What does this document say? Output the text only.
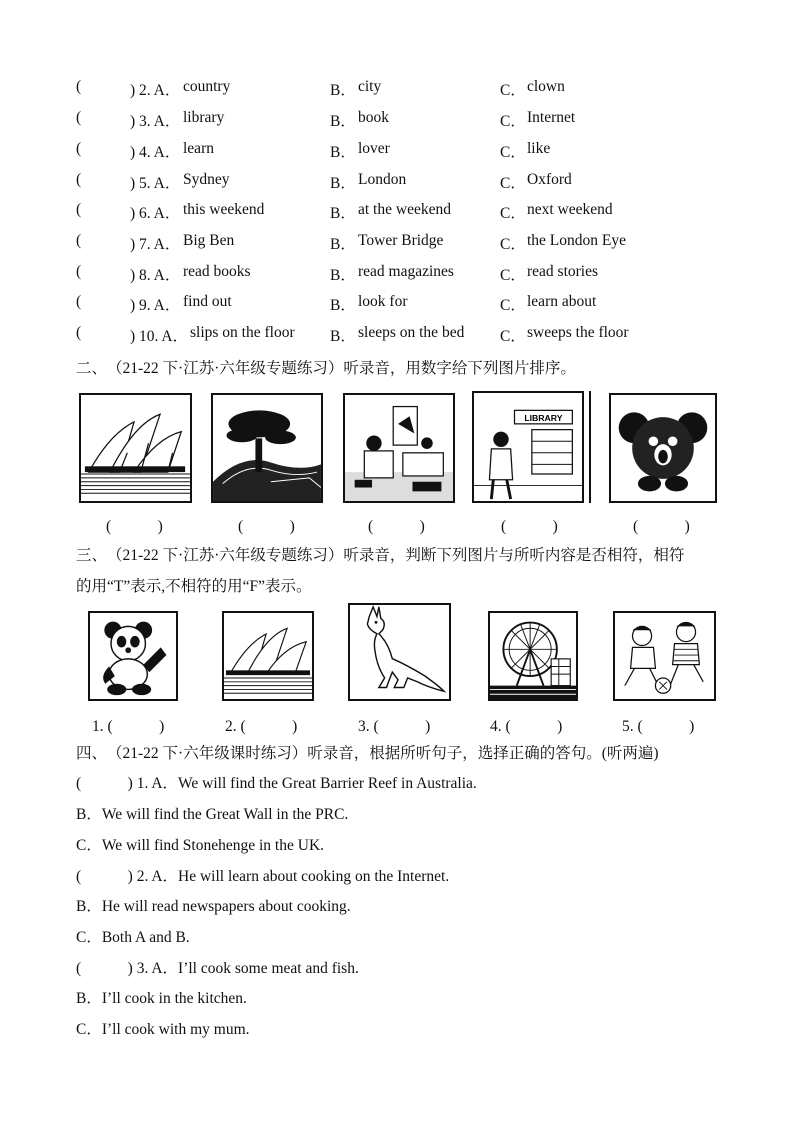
(	) 2. A． country	B． city	C． clown
(	) 3. A． library	B． book	C． Internet
(	) 4. A． learn	B． lover	C． like
(	) 5. A． Sydney	B． London	C． Oxford
(	) 6. A． this weekend	B． at the weekend	C． next weekend
(	) 7. A． Big Ben	B． Tower Bridge	C． the London Eye
(	) 8. A． read books	B． read magazines	C． read stories
(	) 9. A． find out	B． look for	C． learn about
(	) 10. A． slips on the floor B． sleeps on the bed C． sweeps the floor
二、　（21-22 下·江苏·六年级专题练习）听录音，用数字给下列图片排序。
LIBRARY
(　　　)	(　　　)	(　　　)	(　　　)	(　　　)
三、　（21-22 下·江苏·六年级专题练习）听录音，判断下列图片与所听内容是否相符，相符
的用“T”表示,不相符的用“F”表示。
1. (　　　)	2. (　　　)	3. (　　　)	4. (　　　)	5. (　　　)
四、　（21-22 下·六年级课时练习）听录音，根据所听句子，选择正确的答句。(听两遍)
(　　　) 1. A．We will find the Great Barrier Reef in Australia.
B．We will find the Great Wall in the PRC.
C．We will find Stonehenge in the UK.
(　　　) 2. A．He will learn about cooking on the Internet.
B．He will read newspapers about cooking.
C．Both A and B.
(　　　) 3. A．I’ll cook some meat and fish.
B．I’ll cook in the kitchen.
C．I’ll cook with my mum.
